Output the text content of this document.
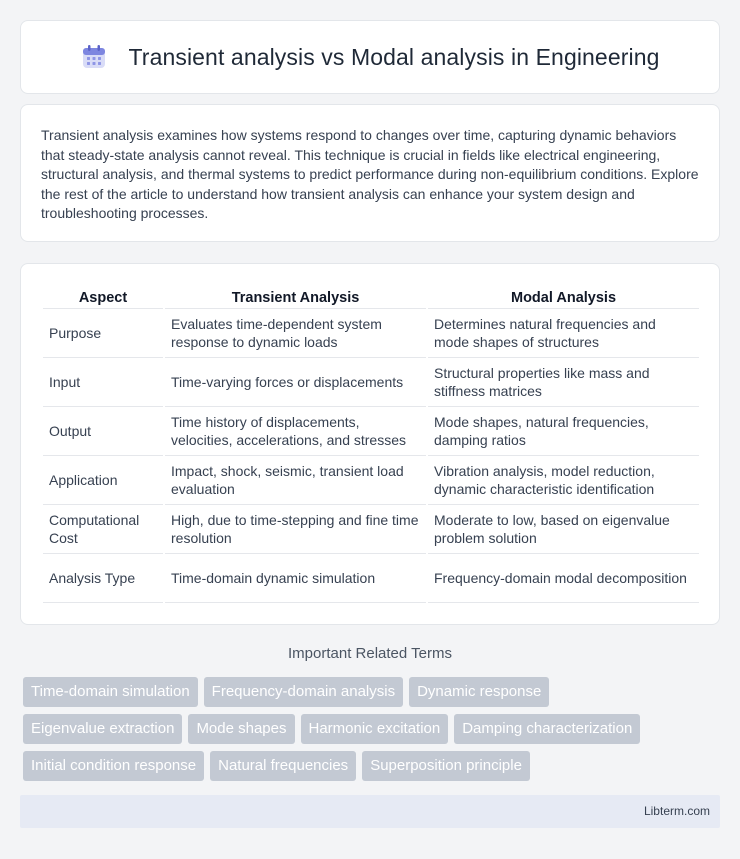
Transient analysis vs Modal analysis in Engineering

Transient analysis examines how systems respond to changes over time, capturing dynamic behaviors that steady-state analysis cannot reveal. This technique is crucial in fields like electrical engineering, structural analysis, and thermal systems to predict performance during non-equilibrium conditions. Explore the rest of the article to understand how transient analysis can enhance your system design and troubleshooting processes.

Aspect	Transient Analysis	Modal Analysis
Purpose	Evaluates time-dependent system response to dynamic loads	Determines natural frequencies and mode shapes of structures
Input	Time-varying forces or displacements	Structural properties like mass and stiffness matrices
Output	Time history of displacements, velocities, accelerations, and stresses	Mode shapes, natural frequencies, damping ratios
Application	Impact, shock, seismic, transient load evaluation	Vibration analysis, model reduction, dynamic characteristic identification
Computational Cost	High, due to time-stepping and fine time resolution	Moderate to low, based on eigenvalue problem solution
Analysis Type	Time-domain dynamic simulation	Frequency-domain modal decomposition
Important Related Terms
Time-domain simulation	Frequency-domain analysis	Dynamic response
Eigenvalue extraction	Mode shapes	Harmonic excitation	Damping characterization
Initial condition response	Natural frequencies	Superposition principle
Libterm.com
